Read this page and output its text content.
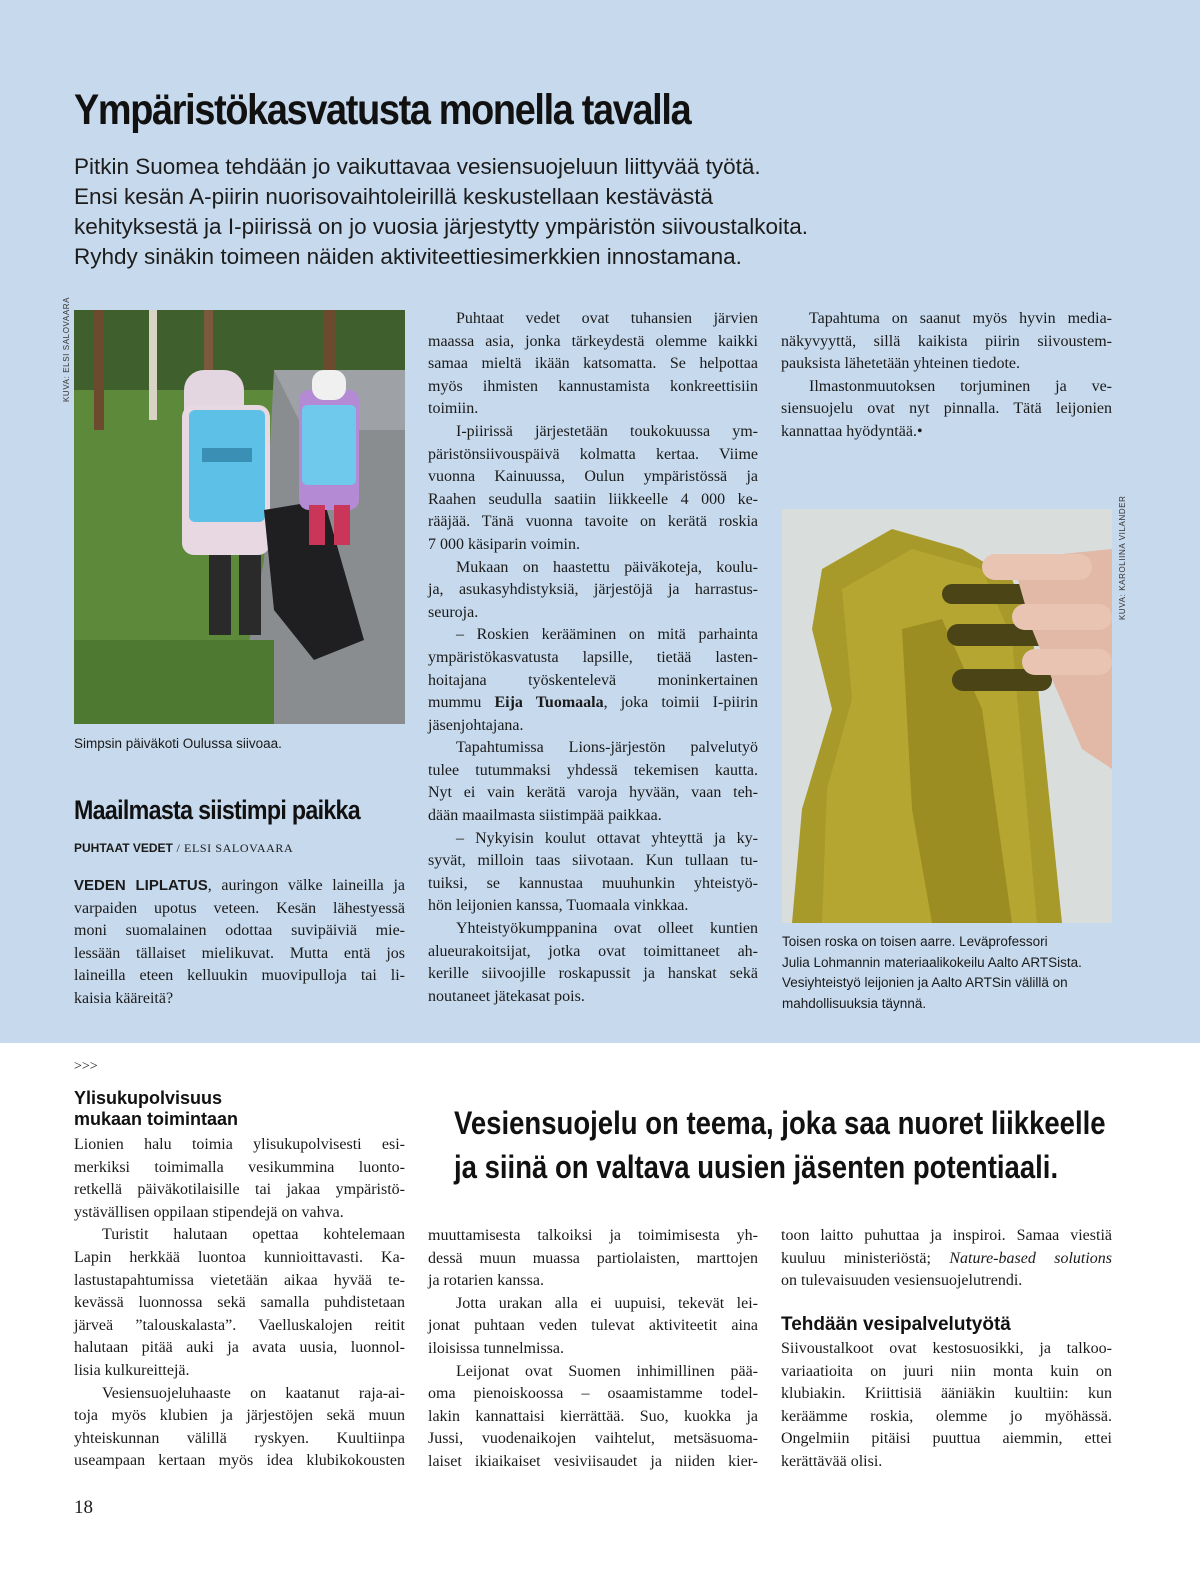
Ympäristökasvatusta monella tavalla
Pitkin Suomea tehdään jo vaikuttavaa vesiensuojeluun liittyvää työtä.
Ensi kesän A-piirin nuorisovaihtoleirillä keskustellaan kestävästä
kehityksestä ja I-piirissä on jo vuosia järjestytty ympäristön siivoustalkoita.
Ryhdy sinäkin toimeen näiden aktiviteettiesimerkkien innostamana.
KUVA: ELSI SALOVAARA
Simpsin päiväkoti Oulussa siivoaa.
Maailmasta siistimpi paikka
PUHTAAT VEDET / ELSI SALOVAARA
VEDEN LIPLATUS, auringon välke laineilla ja
varpaiden upotus veteen. Kesän lähestyessä
moni suomalainen odottaa suvipäiviä mie-
lessään tällaiset mielikuvat. Mutta entä jos
laineilla eteen kelluukin muovipulloja tai li-
kaisia kääreitä?
Puhtaat vedet ovat tuhansien järvien
maassa asia, jonka tärkeydestä olemme kaikki
samaa mieltä ikään katsomatta. Se helpottaa
myös ihmisten kannustamista konkreettisiin
toimiin.
I-piirissä järjestetään toukokuussa ym-
päristönsiivouspäivä kolmatta kertaa. Viime
vuonna Kainuussa, Oulun ympäristössä ja
Raahen seudulla saatiin liikkeelle 4 000 ke-
rääjää. Tänä vuonna tavoite on kerätä roskia
7 000 käsiparin voimin.
Mukaan on haastettu päiväkoteja, koulu-
ja, asukasyhdistyksiä, järjestöjä ja harrastus-
seuroja.
– Roskien kerääminen on mitä parhainta
ympäristökasvatusta lapsille, tietää lasten-
hoitajana työskentelevä moninkertainen
mummu Eija Tuomaala, joka toimii I-piirin
jäsenjohtajana.
Tapahtumissa Lions-järjestön palvelutyö
tulee tutummaksi yhdessä tekemisen kautta.
Nyt ei vain kerätä varoja hyvään, vaan teh-
dään maailmasta siistimpää paikkaa.
– Nykyisin koulut ottavat yhteyttä ja ky-
syvät, milloin taas siivotaan. Kun tullaan tu-
tuiksi, se kannustaa muuhunkin yhteistyö-
hön leijonien kanssa, Tuomaala vinkkaa.
Yhteistyökumppanina ovat olleet kuntien
alueurakoitsijat, jotka ovat toimittaneet ah-
kerille siivoojille roskapussit ja hanskat sekä
noutaneet jätekasat pois.
Tapahtuma on saanut myös hyvin media-
näkyvyyttä, sillä kaikista piirin siivoustem-
pauksista lähetetään yhteinen tiedote.
Ilmastonmuutoksen torjuminen ja ve-
siensuojelu ovat nyt pinnalla. Tätä leijonien
kannattaa hyödyntää.•
KUVA: KAROLIINA VILANDER
Toisen roska on toisen aarre. Leväprofessori
Julia Lohmannin materiaalikokeilu Aalto ARTSista.
Vesiyhteistyö leijonien ja Aalto ARTSin välillä on
mahdollisuuksia täynnä.
>>>
Ylisukupolvisuus
mukaan toimintaan
Lionien halu toimia ylisukupolvisesti esi-
merkiksi toimimalla vesikummina luonto-
retkellä päiväkotilaisille tai jakaa ympäristö-
ystävällisen oppilaan stipendejä on vahva.
Turistit halutaan opettaa kohtelemaan
Lapin herkkää luontoa kunnioittavasti. Ka-
lastustapahtumissa vietetään aikaa hyvää te-
kevässä luonnossa sekä samalla puhdistetaan
järveä ”talouskalasta”. Vaelluskalojen reitit
halutaan pitää auki ja avata uusia, luonnol-
lisia kulkureittejä.
Vesiensuojeluhaaste on kaatanut raja-ai-
toja myös klubien ja järjestöjen sekä muun
yhteiskunnan välillä ryskyen. Kuultiinpa
useampaan kertaan myös idea klubikokousten
Vesiensuojelu on teema, joka saa nuoret liikkeelle
ja siinä on valtava uusien jäsenten potentiaali.
muuttamisesta talkoiksi ja toimimisesta yh-
dessä muun muassa partiolaisten, marttojen
ja rotarien kanssa.
Jotta urakan alla ei uupuisi, tekevät lei-
jonat puhtaan veden tulevat aktiviteetit aina
iloisissa tunnelmissa.
Leijonat ovat Suomen inhimillinen pää-
oma pienoiskoossa – osaamistamme todel-
lakin kannattaisi kierrättää. Suo, kuokka ja
Jussi, vuodenaikojen vaihtelut, metsäsuoma-
laiset ikiaikaiset vesiviisaudet ja niiden kier-
toon laitto puhuttaa ja inspiroi. Samaa viestiä
kuuluu ministeriöstä; Nature-based solutions
on tulevaisuuden vesiensuojelutrendi.
Tehdään vesipalvelutyötä
Siivoustalkoot ovat kestosuosikki, ja talkoo-
variaatioita on juuri niin monta kuin on
klubiakin. Kriittisiä ääniäkin kuultiin: kun
keräämme roskia, olemme jo myöhässä.
Ongelmiin pitäisi puuttua aiemmin, ettei
kerättävää olisi.
18
